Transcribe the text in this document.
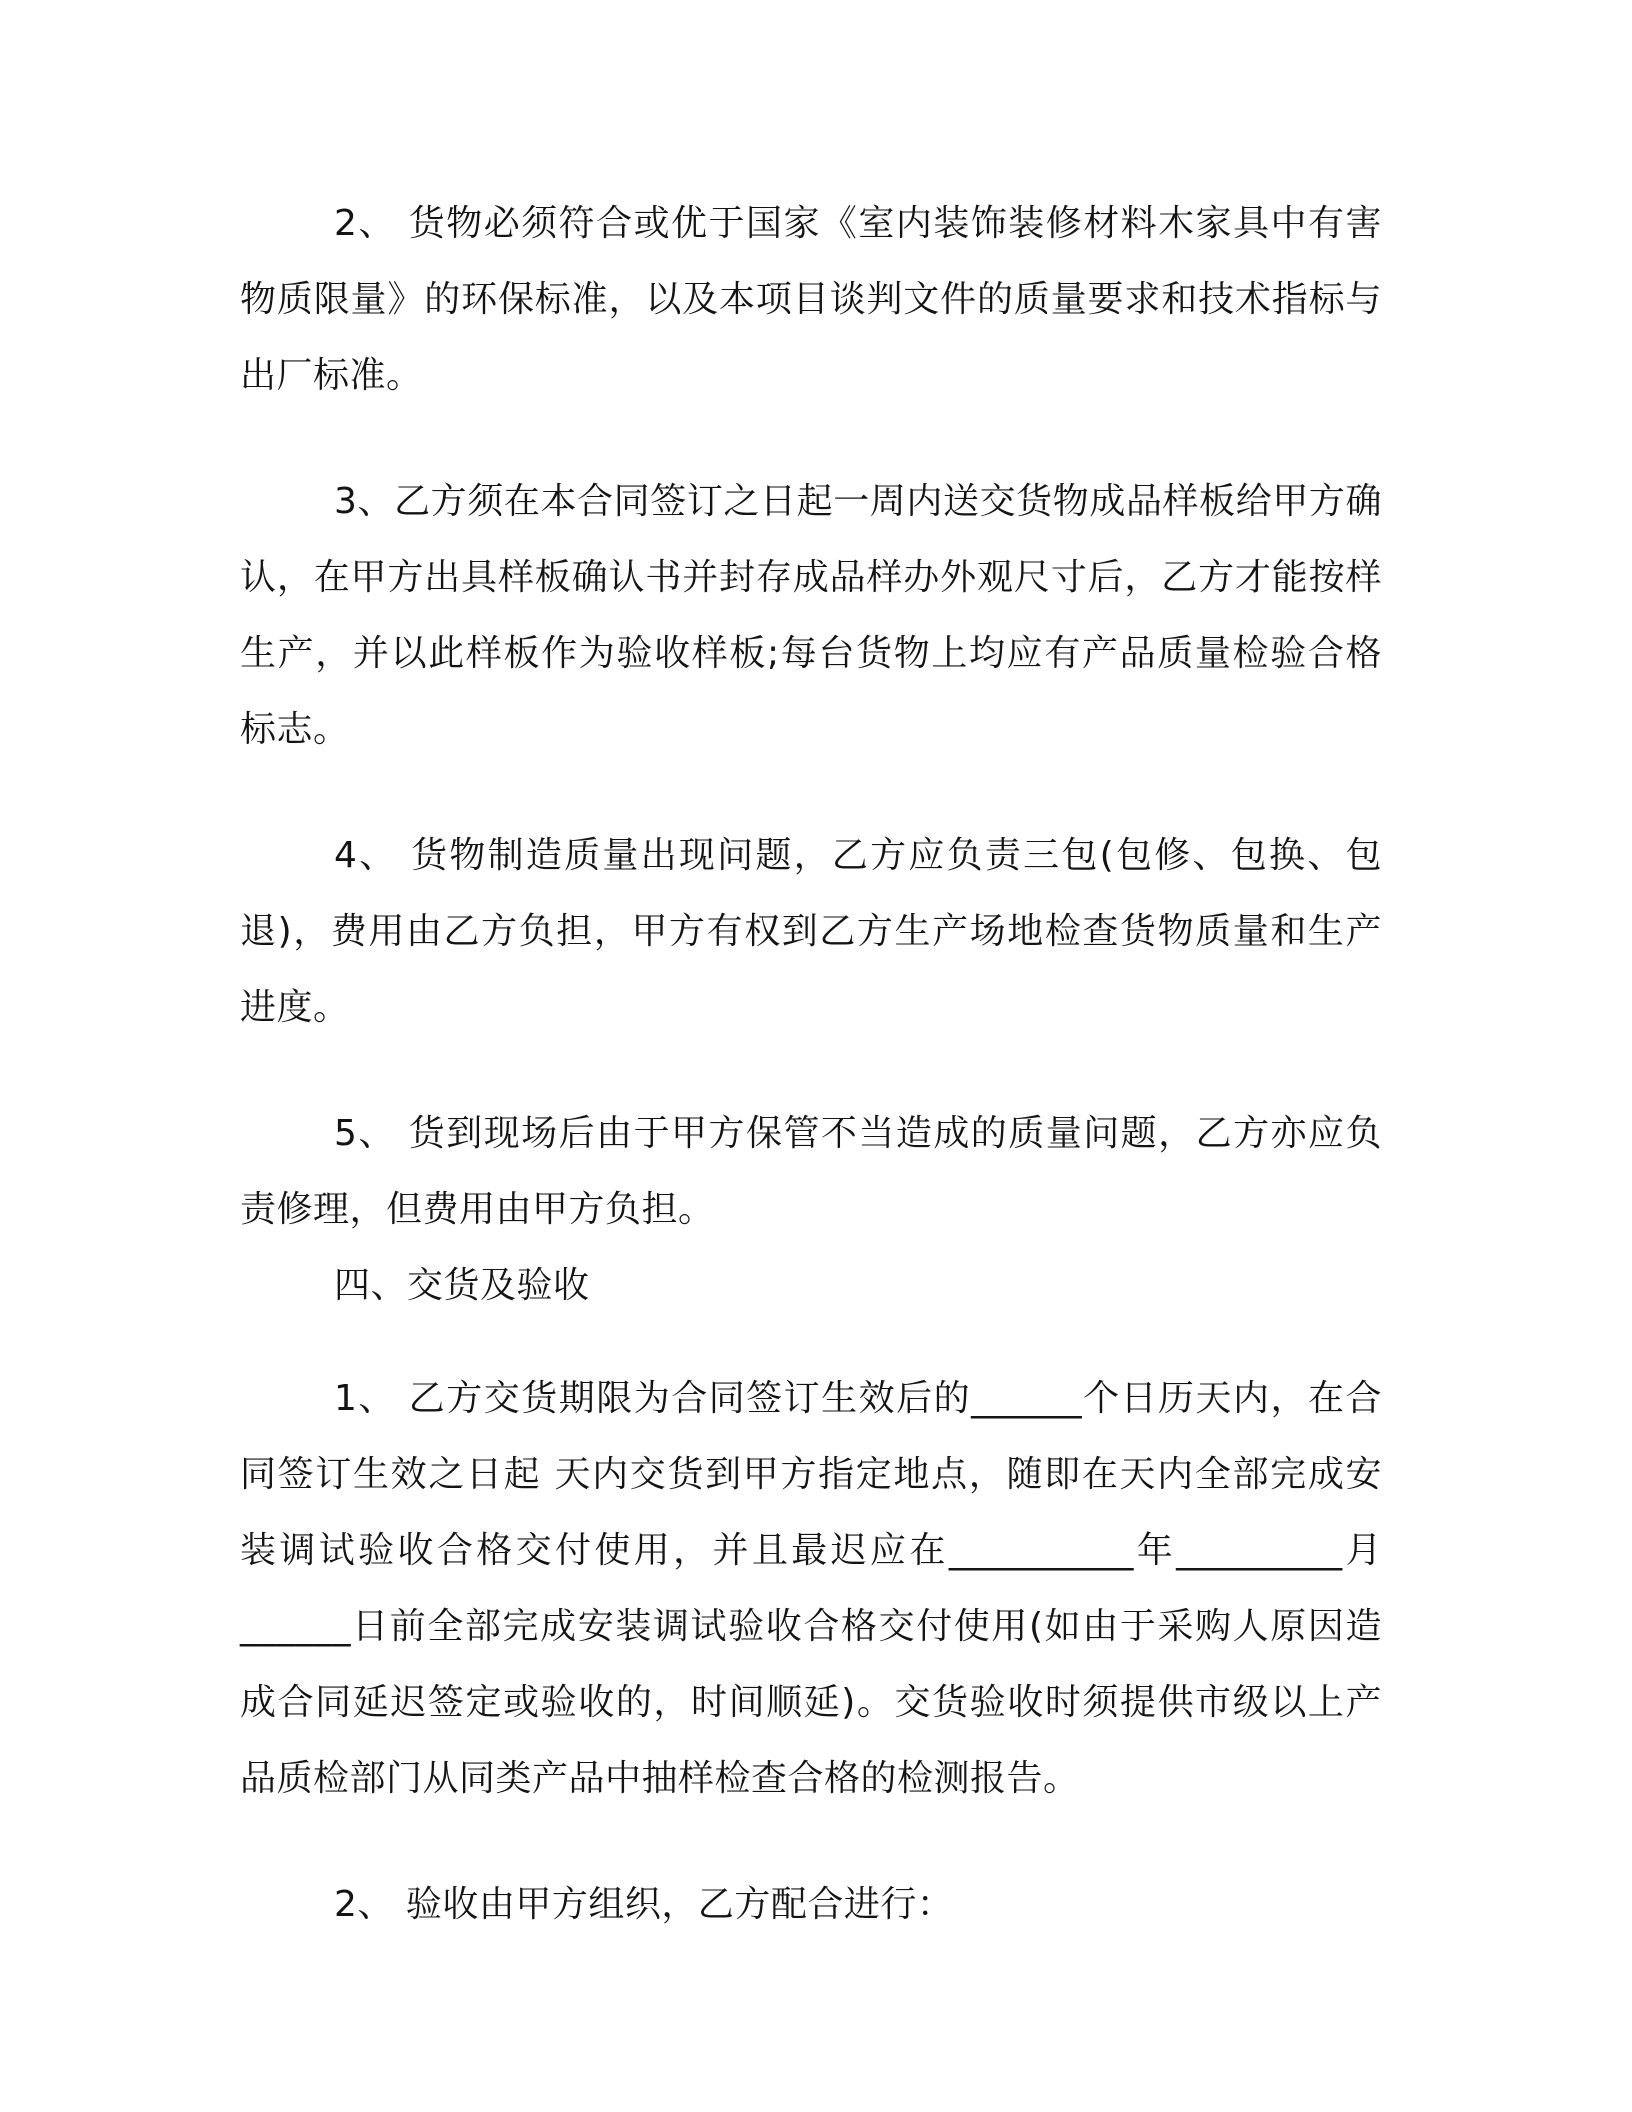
2、 货物必须符合或优于国家《室内装饰装修材料木家具中有害物质限量》的环保标准，以及本项目谈判文件的质量要求和技术指标与出厂标准。

3、乙方须在本合同签订之日起一周内送交货物成品样板给甲方确认，在甲方出具样板确认书并封存成品样办外观尺寸后，乙方才能按样生产，并以此样板作为验收样板;每台货物上均应有产品质量检验合格标志。

4、 货物制造质量出现问题，乙方应负责三包(包修、包换、包退)，费用由乙方负担，甲方有权到乙方生产场地检查货物质量和生产进度。

5、 货到现场后由于甲方保管不当造成的质量问题，乙方亦应负责修理，但费用由甲方负担。

四、交货及验收

1、 乙方交货期限为合同签订生效后的______个日历天内，在合同签订生效之日起 天内交货到甲方指定地点，随即在天内全部完成安装调试验收合格交付使用，并且最迟应在__________年_________月______日前全部完成安装调试验收合格交付使用(如由于采购人原因造成合同延迟签定或验收的，时间顺延)。交货验收时须提供市级以上产品质检部门从同类产品中抽样检查合格的检测报告。

2、 验收由甲方组织，乙方配合进行：
